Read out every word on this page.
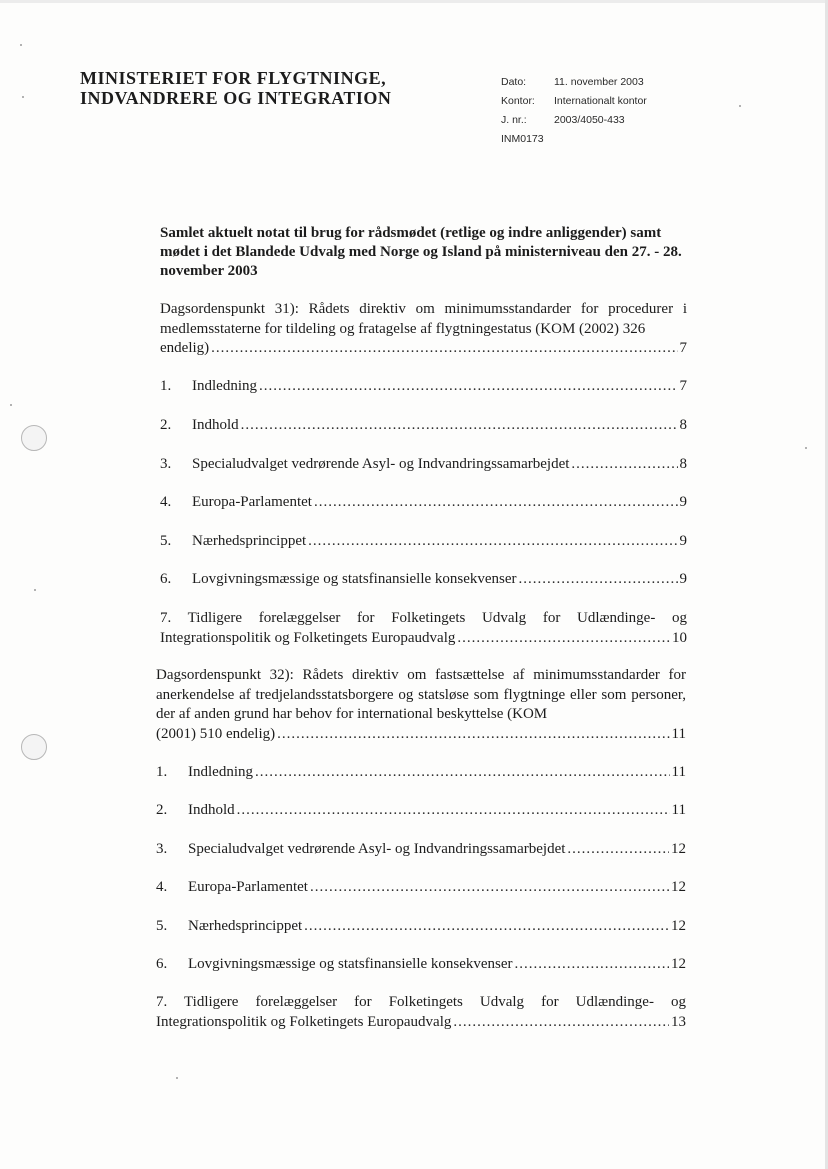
MINISTERIET FOR FLYGTNINGE,
INDVANDRERE OG INTEGRATION
Dato:	11. november 2003
Kontor:	Internationalt kontor
J. nr.:	2003/4050-433
INM0173
Samlet aktuelt notat til brug for rådsmødet (retlige og indre anliggender) samt mødet i det Blandede Udvalg med Norge og Island på ministerniveau den 27. - 28. november 2003
Dagsordenspunkt 31): Rådets direktiv om minimumsstandarder for procedurer i medlemsstaterne for tildeling og fratagelse af flygtningestatus (KOM (2002) 326
endelig) .....	7
1.	Indledning .....	7
2.	Indhold .....	8
3.	Specialudvalget vedrørende Asyl- og Indvandringssamarbejdet .....	8
4.	Europa-Parlamentet .....	9
5.	Nærhedsprincippet .....	9
6.	Lovgivningsmæssige og statsfinansielle konsekvenser .....	9
7. Tidligere forelæggelser for Folketingets Udvalg for Udlændinge- og
Integrationspolitik og Folketingets Europaudvalg .....	10
Dagsordenspunkt 32): Rådets direktiv om fastsættelse af minimumsstandarder for anerkendelse af tredjelandsstatsborgere og statsløse som flygtninge eller som personer, der af anden grund har behov for international beskyttelse (KOM
(2001) 510 endelig) .....	11
1.	Indledning .....	11
2.	Indhold .....	11
3.	Specialudvalget vedrørende Asyl- og Indvandringssamarbejdet .....	12
4.	Europa-Parlamentet .....	12
5.	Nærhedsprincippet .....	12
6.	Lovgivningsmæssige og statsfinansielle konsekvenser .....	12
7. Tidligere forelæggelser for Folketingets Udvalg for Udlændinge- og
Integrationspolitik og Folketingets Europaudvalg .....	13
